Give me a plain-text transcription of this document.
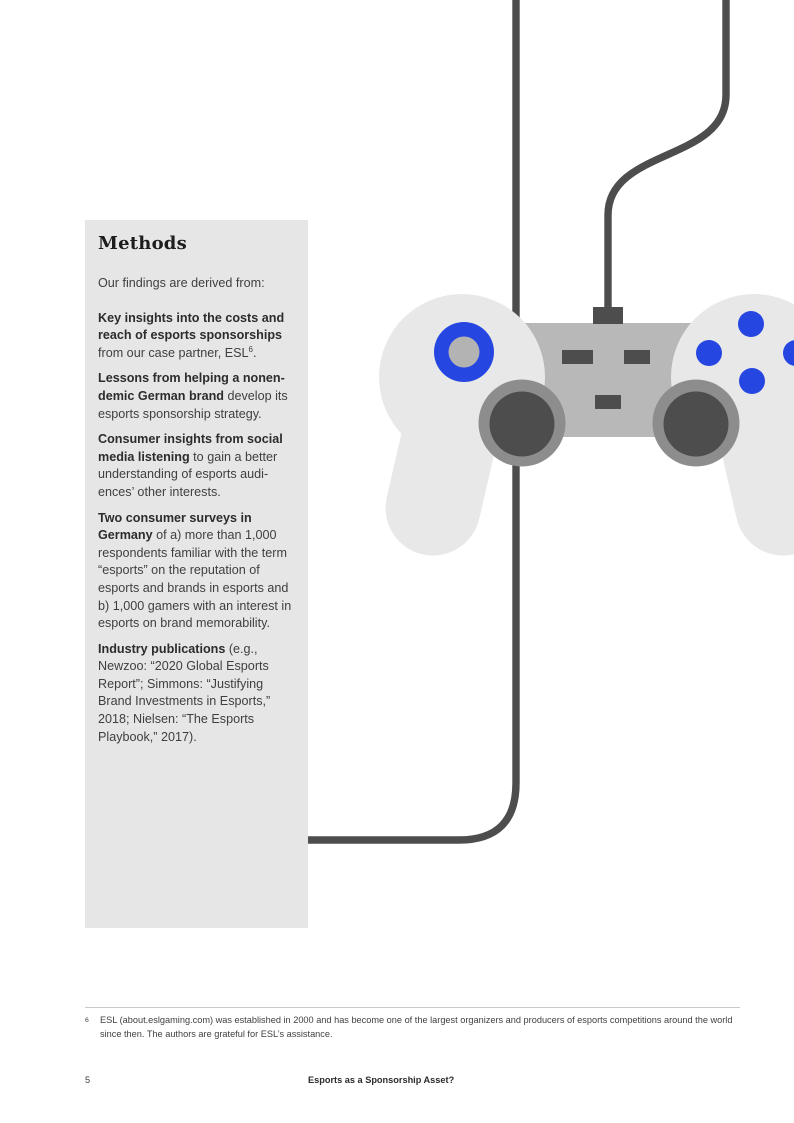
Methods

Our findings are derived from:

Key insights into the costs and reach of esports sponsorships from our case partner, ESL$^6$.

Lessons from helping a nonendemic German brand develop its esports sponsorship strategy.

Consumer insights from social media listening to gain a better understanding of esports audiences’ other interests.

Two consumer surveys in Germany of a) more than 1,000 respondents familiar with the term “esports” on the reputation of esports and brands in esports and b) 1,000 gamers with an interest in esports on brand memorability.

Industry publications (e.g., Newzoo: “2020 Global Esports Report”; Simmons: “Justifying Brand Investments in Esports,” 2018; Nielsen: “The Esports Playbook,” 2017).

6	ESL (about.eslgaming.com) was established in 2000 and has become one of the largest organizers and producers of esports competitions around the world since then. The authors are grateful for ESL’s assistance.
5	Esports as a Sponsorship Asset?
